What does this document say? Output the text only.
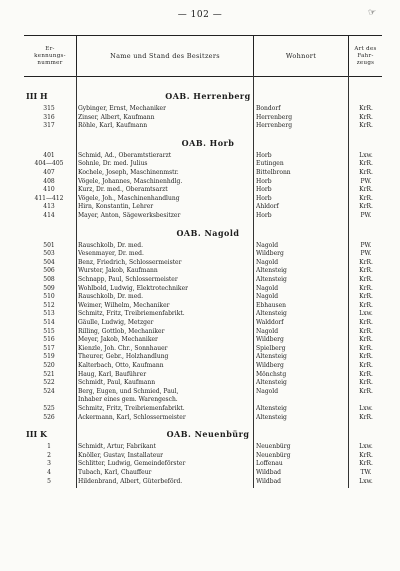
— 102 —	☞
Er-
kennungs-
nummer
Name und Stand des Besitzers	Wohnort
Art des
Fahr-
zeugs
III H	OAB. Herrenberg
315	Gybinger, Ernst, Mechaniker	Bondorf	KrR.
316	Zinser, Albert, Kaufmann	Herrenberg	KrR.
317	Röhle, Karl, Kaufmann	Herrenberg	KrR.
OAB. Horb
401	Schmid, Ad., Oberamtstierarzt	Horb	Lxw.
404—405	Sohnle, Dr. med. Julius	Eutingen	KrR.
407	Kochele, Joseph, Maschinenmstr.	Bittelbronn	KrR.
408	Vögele, Johannes, Maschinenhdlg.	Horb	PW.
410	Kurz, Dr. med., Oberamtsarzt	Horb	KrR.
411—412	Vögele, Joh., Maschinenhandlung	Horb	KrR.
413	Hirn, Konstantin, Lehrer	Ahldorf	KrR.
414	Mayer, Anton, Sägewerksbesitzer	Horb	PW.
OAB. Nagold
501	Rauschkolb, Dr. med.	Nagold	PW.
503	Vesenmayer, Dr. med.	Wildberg	PW.
504	Benz, Friedrich, Schlossermeister	Nagold	KrR.
506	Wurster, Jakob, Kaufmann	Altensteig	KrR.
508	Schnapp, Paul, Schlossermeister	Altensteig	KrR.
509	Wohlbold, Ludwig, Elektrotechniker	Nagold	KrR.
510	Rauschkolb, Dr. med.	Nagold	KrR.
512	Weimer, Wilhelm, Mechaniker	Ebhausen	KrR.
513	Schmitz, Fritz, Treibriemenfabrikt.	Altensteig	Lxw.
514	Gäulle, Ludwig, Metzger	Walddorf	KrR.
515	Rilling, Gottlob, Mechaniker	Nagold	KrR.
516	Meyer, Jakob, Mechaniker	Wildberg	KrR.
517	Kienzle, Joh. Chr., Sonnhauer	Spielberg	KrR.
519	Theurer, Gebr., Holzhandlung	Altensteig	KrR.
520	Kalterbach, Otto, Kaufmann	Wildberg	KrR.
521	Haug, Karl, Bauführer	Mönchstg	KrR.
522	Schmidt, Paul, Kaufmann	Altensteig	KrR.
524	Berg, Eugen, und Schmied, Paul,	Nagold	KrR.
Inhaber eines gem. Warengesch.
525	Schmitz, Fritz, Treibriemenfabrikt.	Altensteig	Lxw.
526	Ackermann, Karl, Schlossermeister	Altensteig	KrR.
III K	OAB. Neuenbürg
1	Schmidt, Artur, Fabrikant	Neuenbürg	Lxw.
2	Knöller, Gustav, Installateur	Neuenbürg	KrR.
3	Schlitter, Ludwig, Gemeindeförster	Loffenau	KrR.
4	Tubach, Karl, Chauffeur	Wildbad	TW.
5	Hildenbrand, Albert, Güterbeförd.	Wildbad	Lxw.
